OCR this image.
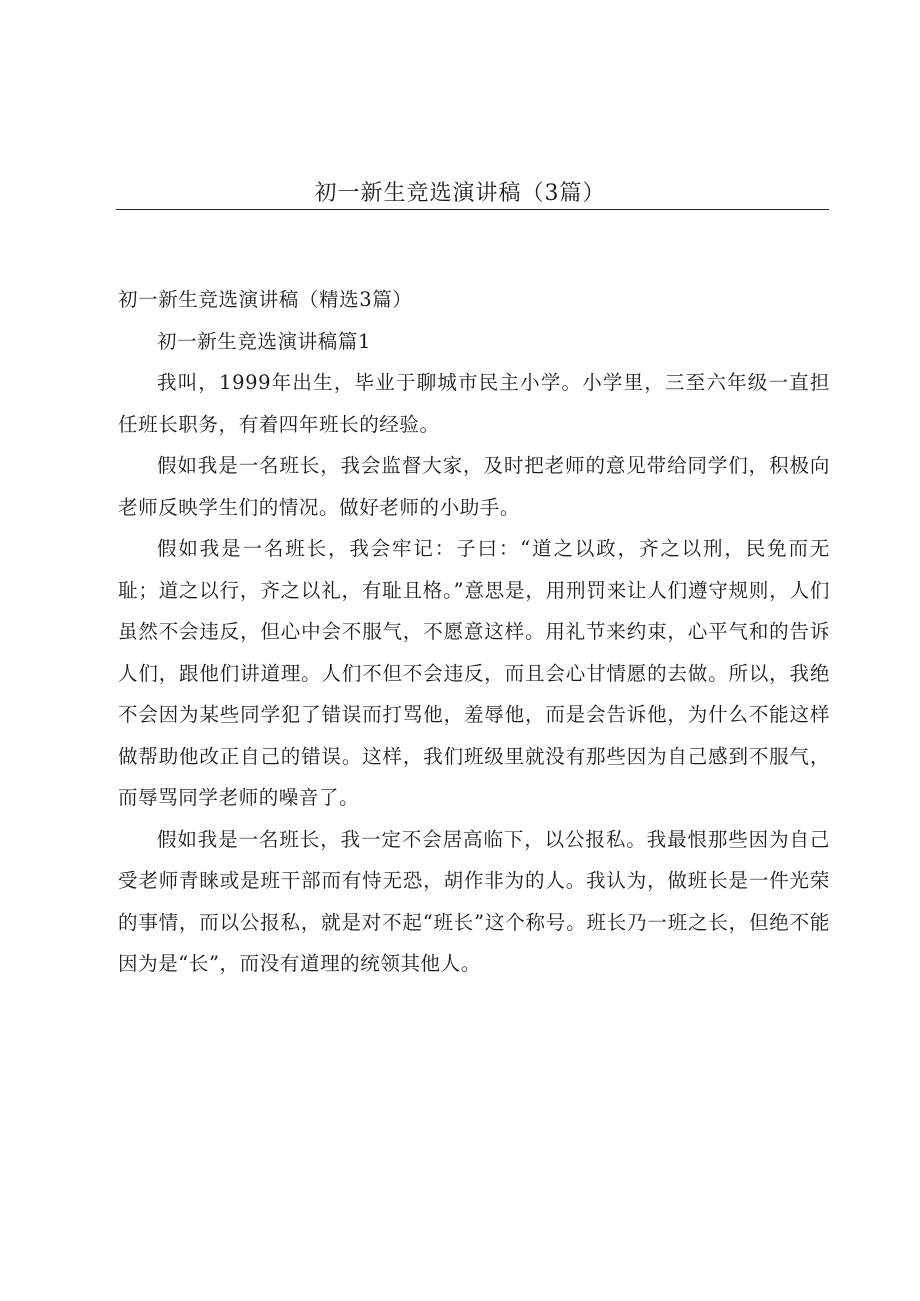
初一新生竞选演讲稿（3篇）

初一新生竞选演讲稿（精选3篇）

初一新生竞选演讲稿篇1

我叫，1999年出生，毕业于聊城市民主小学。小学里，三至六年级一直担任班长职务，有着四年班长的经验。

假如我是一名班长，我会监督大家，及时把老师的意见带给同学们，积极向老师反映学生们的情况。做好老师的小助手。

假如我是一名班长，我会牢记：子曰：“道之以政，齐之以刑，民免而无耻；道之以行，齐之以礼，有耻且格。”意思是，用刑罚来让人们遵守规则，人们虽然不会违反，但心中会不服气，不愿意这样。用礼节来约束，心平气和的告诉人们，跟他们讲道理。人们不但不会违反，而且会心甘情愿的去做。所以，我绝不会因为某些同学犯了错误而打骂他，羞辱他，而是会告诉他，为什么不能这样做帮助他改正自己的错误。这样，我们班级里就没有那些因为自己感到不服气，而辱骂同学老师的噪音了。

假如我是一名班长，我一定不会居高临下，以公报私。我最恨那些因为自己受老师青睐或是班干部而有恃无恐，胡作非为的人。我认为，做班长是一件光荣的事情，而以公报私，就是对不起“班长”这个称号。班长乃一班之长，但绝不能因为是“长”，而没有道理的统领其他人。
